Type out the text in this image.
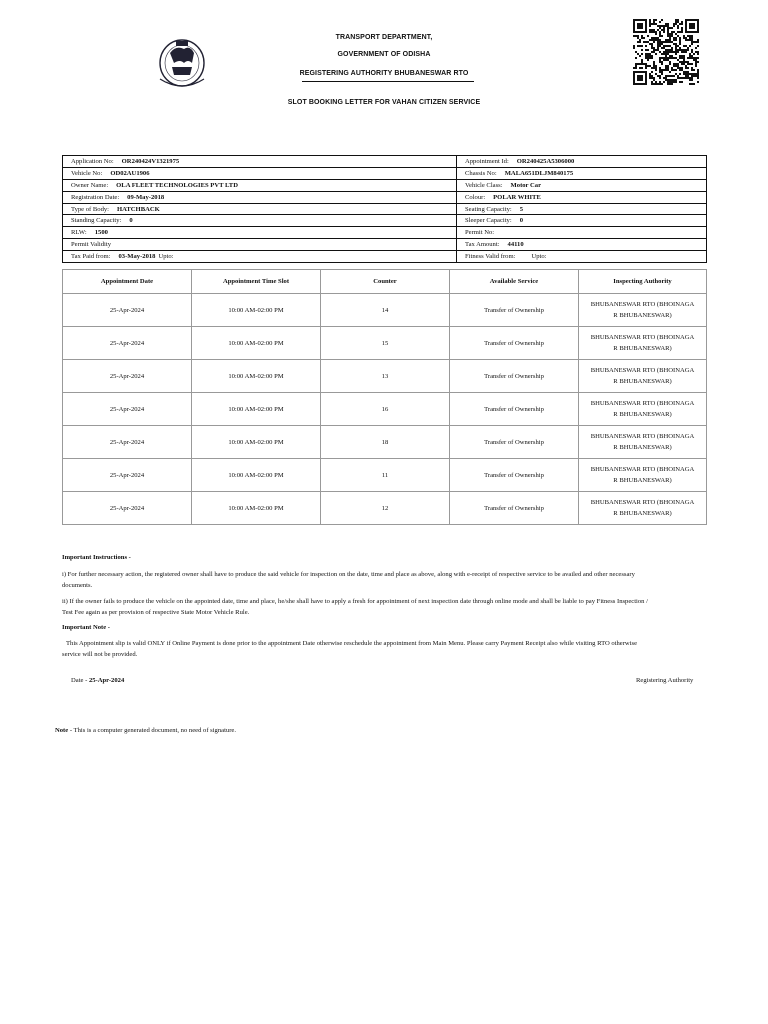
TRANSPORT DEPARTMENT,
GOVERNMENT OF ODISHA
REGISTERING AUTHORITY BHUBANESWAR RTO
SLOT BOOKING LETTER FOR VAHAN CITIZEN SERVICE
Application No: OR240424V1321975	Appointment Id: OR240425A5306000
Vehicle No: OD02AU1906	Chassis No: MALA651DLJM840175
Owner Name: OLA FLEET TECHNOLOGIES PVT LTD	Vehicle Class: Motor Car
Registration Date: 09-May-2018	Colour: POLAR WHITE
Type of Body: HATCHBACK	Seating Capacity: 5
Standing Capacity: 0	Sleeper Capacity: 0
RLW: 1500	Permit No:
Permit Validity	Tax Amount: 44110
Tax Paid from: 03-May-2018 Upto:	Fitness Valid from: Upto:
Appointment Date	Appointment Time Slot	Counter	Available Service	Inspecting Authority
25-Apr-2024	10:00 AM-02:00 PM	14	Transfer of Ownership	BHUBANESWAR RTO (BHOINAGA
R BHUBANESWAR)
25-Apr-2024	10:00 AM-02:00 PM	15	Transfer of Ownership	BHUBANESWAR RTO (BHOINAGA
R BHUBANESWAR)
25-Apr-2024	10:00 AM-02:00 PM	13	Transfer of Ownership	BHUBANESWAR RTO (BHOINAGA
R BHUBANESWAR)
25-Apr-2024	10:00 AM-02:00 PM	16	Transfer of Ownership	BHUBANESWAR RTO (BHOINAGA
R BHUBANESWAR)
25-Apr-2024	10:00 AM-02:00 PM	18	Transfer of Ownership	BHUBANESWAR RTO (BHOINAGA
R BHUBANESWAR)
25-Apr-2024	10:00 AM-02:00 PM	11	Transfer of Ownership	BHUBANESWAR RTO (BHOINAGA
R BHUBANESWAR)
25-Apr-2024	10:00 AM-02:00 PM	12	Transfer of Ownership	BHUBANESWAR RTO (BHOINAGA
R BHUBANESWAR)
Important Instructions -
i) For further necessary action, the registered owner shall have to produce the said vehicle for inspection on the date, time and place as above, along with e-receipt of respective service to be availed and other necessary
documents.
ii) If the owner fails to produce the vehicle on the appointed date, time and place, he/she shall have to apply a fresh for appointment of next inspection date through online mode and shall be liable to pay Fitness Inspection /
Test Fee again as per provision of respective State Motor Vehicle Rule.
Important Note -
This Appointment slip is valid ONLY if Online Payment is done prior to the appointment Date otherwise reschedule the appointment from Main Menu. Please carry Payment Receipt also while visiting RTO otherwise
service will not be provided.
Date - 25-Apr-2024	Registering Authority
Note - This is a computer generated document, no need of signature.
